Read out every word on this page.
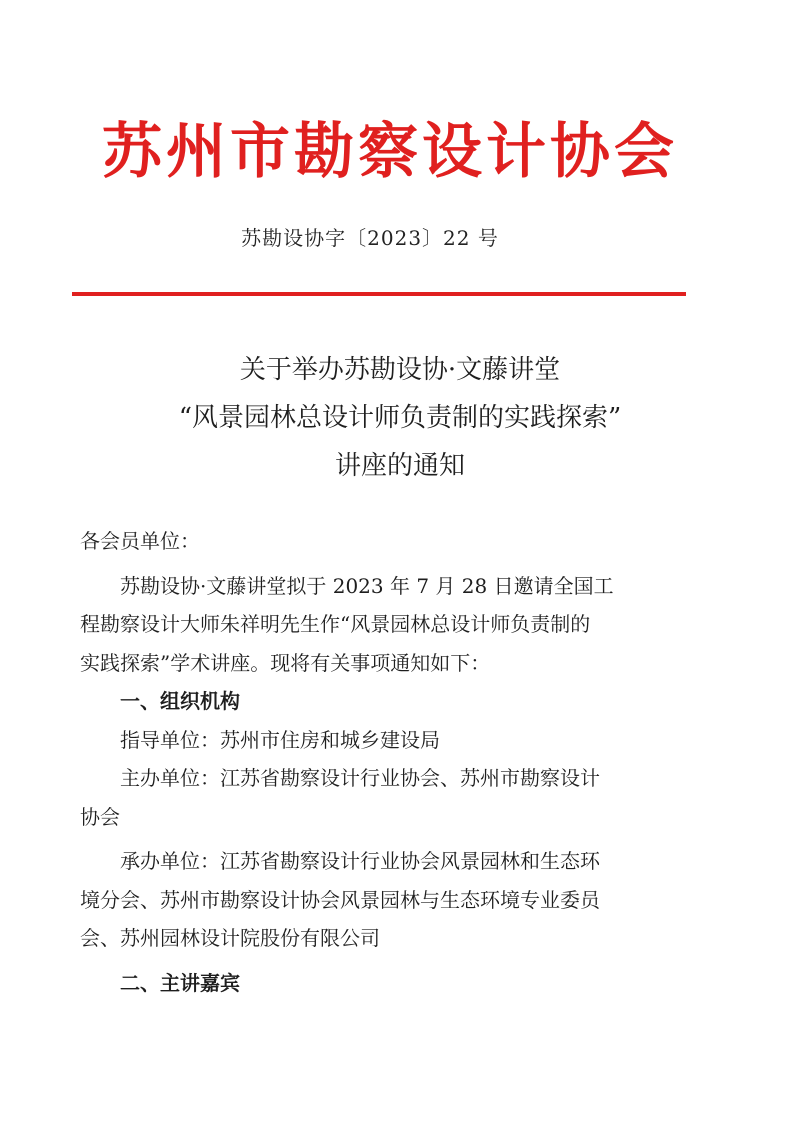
苏州市勘察设计协会
苏勘设协字〔2023〕22 号
关于举办苏勘设协·文藤讲堂
“风景园林总设计师负责制的实践探索”
讲座的通知

各会员单位：

苏勘设协·文藤讲堂拟于 2023 年 7 月 28 日邀请全国工

程勘察设计大师朱祥明先生作“风景园林总设计师负责制的

实践探索”学术讲座。现将有关事项通知如下：

一、组织机构

指导单位：苏州市住房和城乡建设局

主办单位：江苏省勘察设计行业协会、苏州市勘察设计

协会

承办单位：江苏省勘察设计行业协会风景园林和生态环

境分会、苏州市勘察设计协会风景园林与生态环境专业委员

会、苏州园林设计院股份有限公司

二、主讲嘉宾
